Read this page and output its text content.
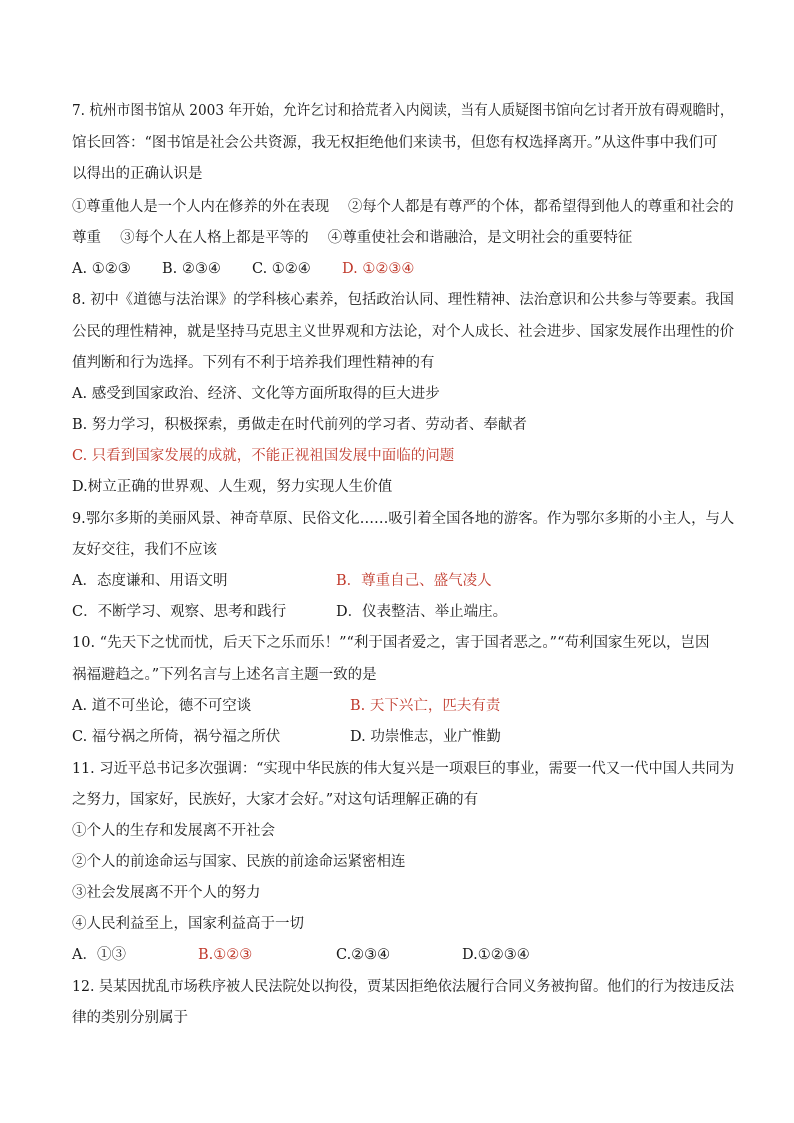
7. 杭州市图书馆从 2003 年开始，允许乞讨和拾荒者入内阅读，当有人质疑图书馆向乞讨者开放有碍观瞻时，
馆长回答：“图书馆是社会公共资源，我无权拒绝他们来读书，但您有权选择离开。”从这件事中我们可
以得出的正确认识是
①尊重他人是一个人内在修养的外在表现　 ②每个人都是有尊严的个体，都希望得到他人的尊重和社会的
尊重　 ③每个人在人格上都是平等的　 ④尊重使社会和谐融洽，是文明社会的重要特征
A. ①②③ B. ②③④ C. ①②④ D. ①②③④
8. 初中《道德与法治课》的学科核心素养，包括政治认同、理性精神、法治意识和公共参与等要素。我国
公民的理性精神，就是坚持马克思主义世界观和方法论，对个人成长、社会进步、国家发展作出理性的价
值判断和行为选择。下列有不利于培养我们理性精神的有
A. 感受到国家政治、经济、文化等方面所取得的巨大进步
B. 努力学习，积极探索，勇做走在时代前列的学习者、劳动者、奉献者
C. 只看到国家发展的成就，不能正视祖国发展中面临的问题
D.树立正确的世界观、人生观，努力实现人生价值
9.鄂尔多斯的美丽风景、神奇草原、民俗文化……吸引着全国各地的游客。作为鄂尔多斯的小主人，与人
友好交往，我们不应该
A．态度谦和、用语文明	B．尊重自己、盛气凌人
C．不断学习、观察、思考和践行	D．仪表整洁、举止端庄。
10. “先天下之忧而忧，后天下之乐而乐！”“利于国者爱之，害于国者恶之。”“苟利国家生死以，岂因
祸福避趋之。”下列名言与上述名言主题一致的是
A. 道不可坐论，德不可空谈	B. 天下兴亡，匹夫有责
C. 福兮祸之所倚，祸兮福之所伏	D. 功崇惟志，业广惟勤
11. 习近平总书记多次强调：“实现中华民族的伟大复兴是一项艰巨的事业，需要一代又一代中国人共同为
之努力，国家好，民族好，大家才会好。”对这句话理解正确的有
①个人的生存和发展离不开社会
②个人的前途命运与国家、民族的前途命运紧密相连
③社会发展离不开个人的努力
④人民利益至上，国家利益高于一切
A．①③	B.①②③	C.②③④	D.①②③④
12. 吴某因扰乱市场秩序被人民法院处以拘役，贾某因拒绝依法履行合同义务被拘留。他们的行为按违反法
律的类别分别属于
